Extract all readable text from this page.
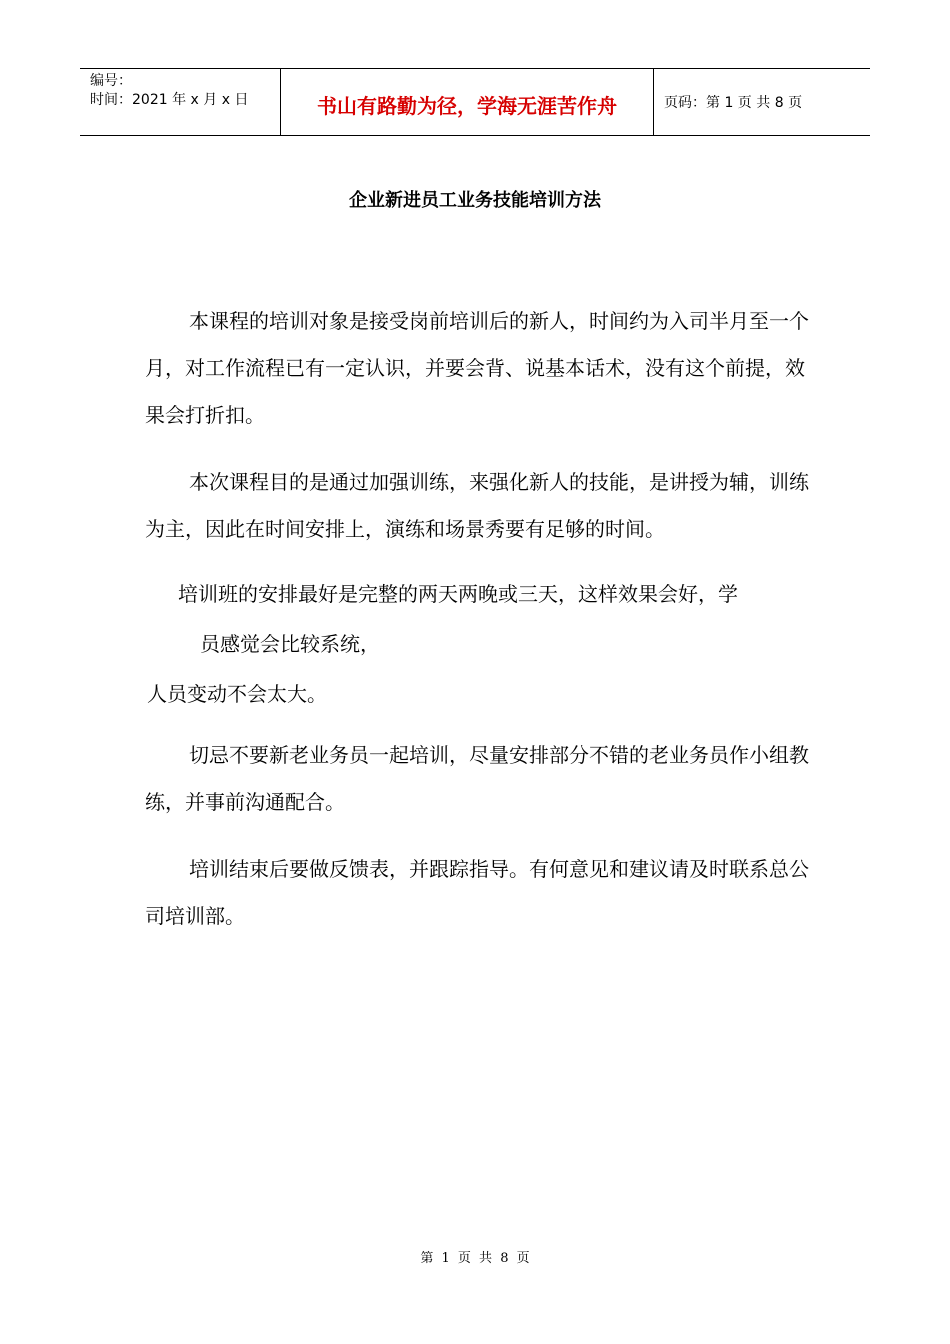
编号：
时间：2021 年 x 月 x 日	书山有路勤为径，学海无涯苦作舟	页码：第 1 页 共 8 页
企业新进员工业务技能培训方法

本课程的培训对象是接受岗前培训后的新人，时间约为入司半月至一个月，对工作流程已有一定认识，并要会背、说基本话术，没有这个前提，效果会打折扣。

本次课程目的是通过加强训练，来强化新人的技能，是讲授为辅，训练为主，因此在时间安排上，演练和场景秀要有足够的时间。

培训班的安排最好是完整的两天两晚或三天，这样效果会好，学

员感觉会比较系统，

人员变动不会太大。

切忌不要新老业务员一起培训，尽量安排部分不错的老业务员作小组教练，并事前沟通配合。

培训结束后要做反馈表，并跟踪指导。有何意见和建议请及时联系总公司培训部。

第 1 页 共 8 页
